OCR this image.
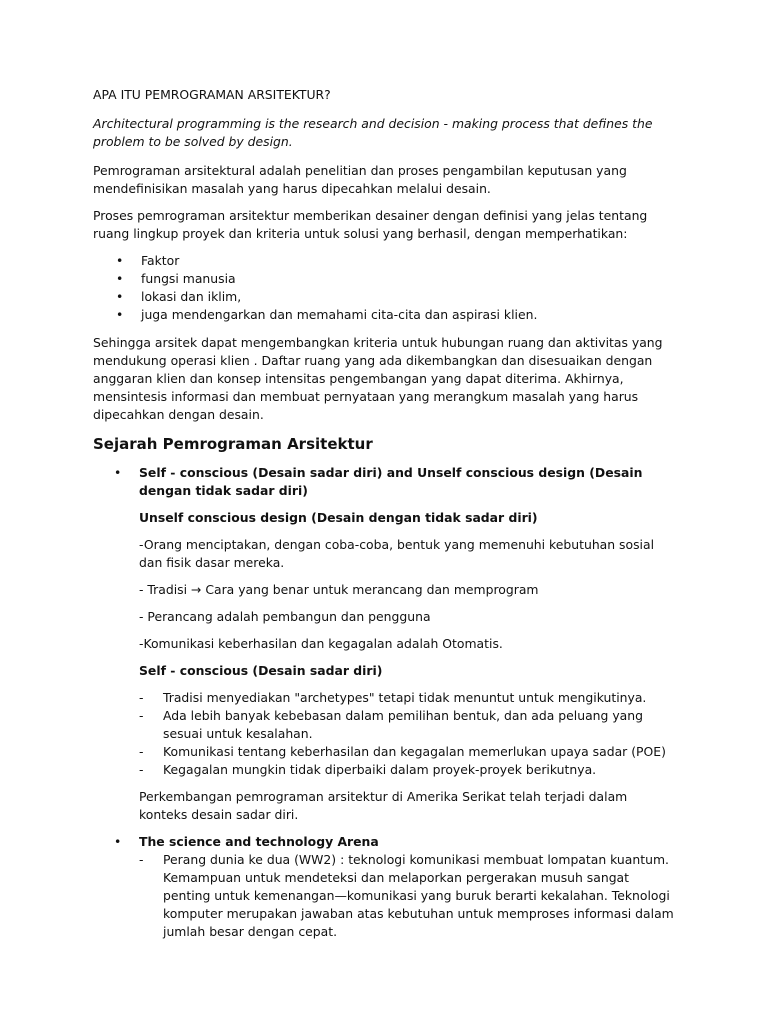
APA ITU PEMROGRAMAN ARSITEKTUR?

Architectural programming is the research and decision - making process that defines the problem to be solved by design.

Pemrograman arsitektural adalah penelitian dan proses pengambilan keputusan yang mendefinisikan masalah yang harus dipecahkan melalui desain.

Proses pemrograman arsitektur memberikan desainer dengan definisi yang jelas tentang ruang lingkup proyek dan kriteria untuk solusi yang berhasil, dengan memperhatikan:

• Faktor
• fungsi manusia
• lokasi dan iklim,
• juga mendengarkan dan memahami cita-cita dan aspirasi klien.

Sehingga arsitek dapat mengembangkan kriteria untuk hubungan ruang dan aktivitas yang mendukung operasi klien . Daftar ruang yang ada dikembangkan dan disesuaikan dengan anggaran klien dan konsep intensitas pengembangan yang dapat diterima. Akhirnya, mensintesis informasi dan membuat pernyataan yang merangkum masalah yang harus dipecahkan dengan desain.

Sejarah Pemrograman Arsitektur
• Self - conscious (Desain sadar diri) and Unself conscious design (Desain dengan tidak sadar diri)

Unself conscious design (Desain dengan tidak sadar diri)

-Orang menciptakan, dengan coba-coba, bentuk yang memenuhi kebutuhan sosial dan fisik dasar mereka.

- Tradisi → Cara yang benar untuk merancang dan memprogram

- Perancang adalah pembangun dan pengguna

-Komunikasi keberhasilan dan kegagalan adalah Otomatis.

Self - conscious (Desain sadar diri)

- Tradisi menyediakan "archetypes" tetapi tidak menuntut untuk mengikutinya.
- Ada lebih banyak kebebasan dalam pemilihan bentuk, dan ada peluang yang sesuai untuk kesalahan.
- Komunikasi tentang keberhasilan dan kegagalan memerlukan upaya sadar (POE)
- Kegagalan mungkin tidak diperbaiki dalam proyek-proyek berikutnya.

Perkembangan pemrograman arsitektur di Amerika Serikat telah terjadi dalam konteks desain sadar diri.

• The science and technology Arena

- Perang dunia ke dua (WW2) : teknologi komunikasi membuat lompatan kuantum. Kemampuan untuk mendeteksi dan melaporkan pergerakan musuh sangat penting untuk kemenangan—komunikasi yang buruk berarti kekalahan. Teknologi komputer merupakan jawaban atas kebutuhan untuk memproses informasi dalam jumlah besar dengan cepat.
